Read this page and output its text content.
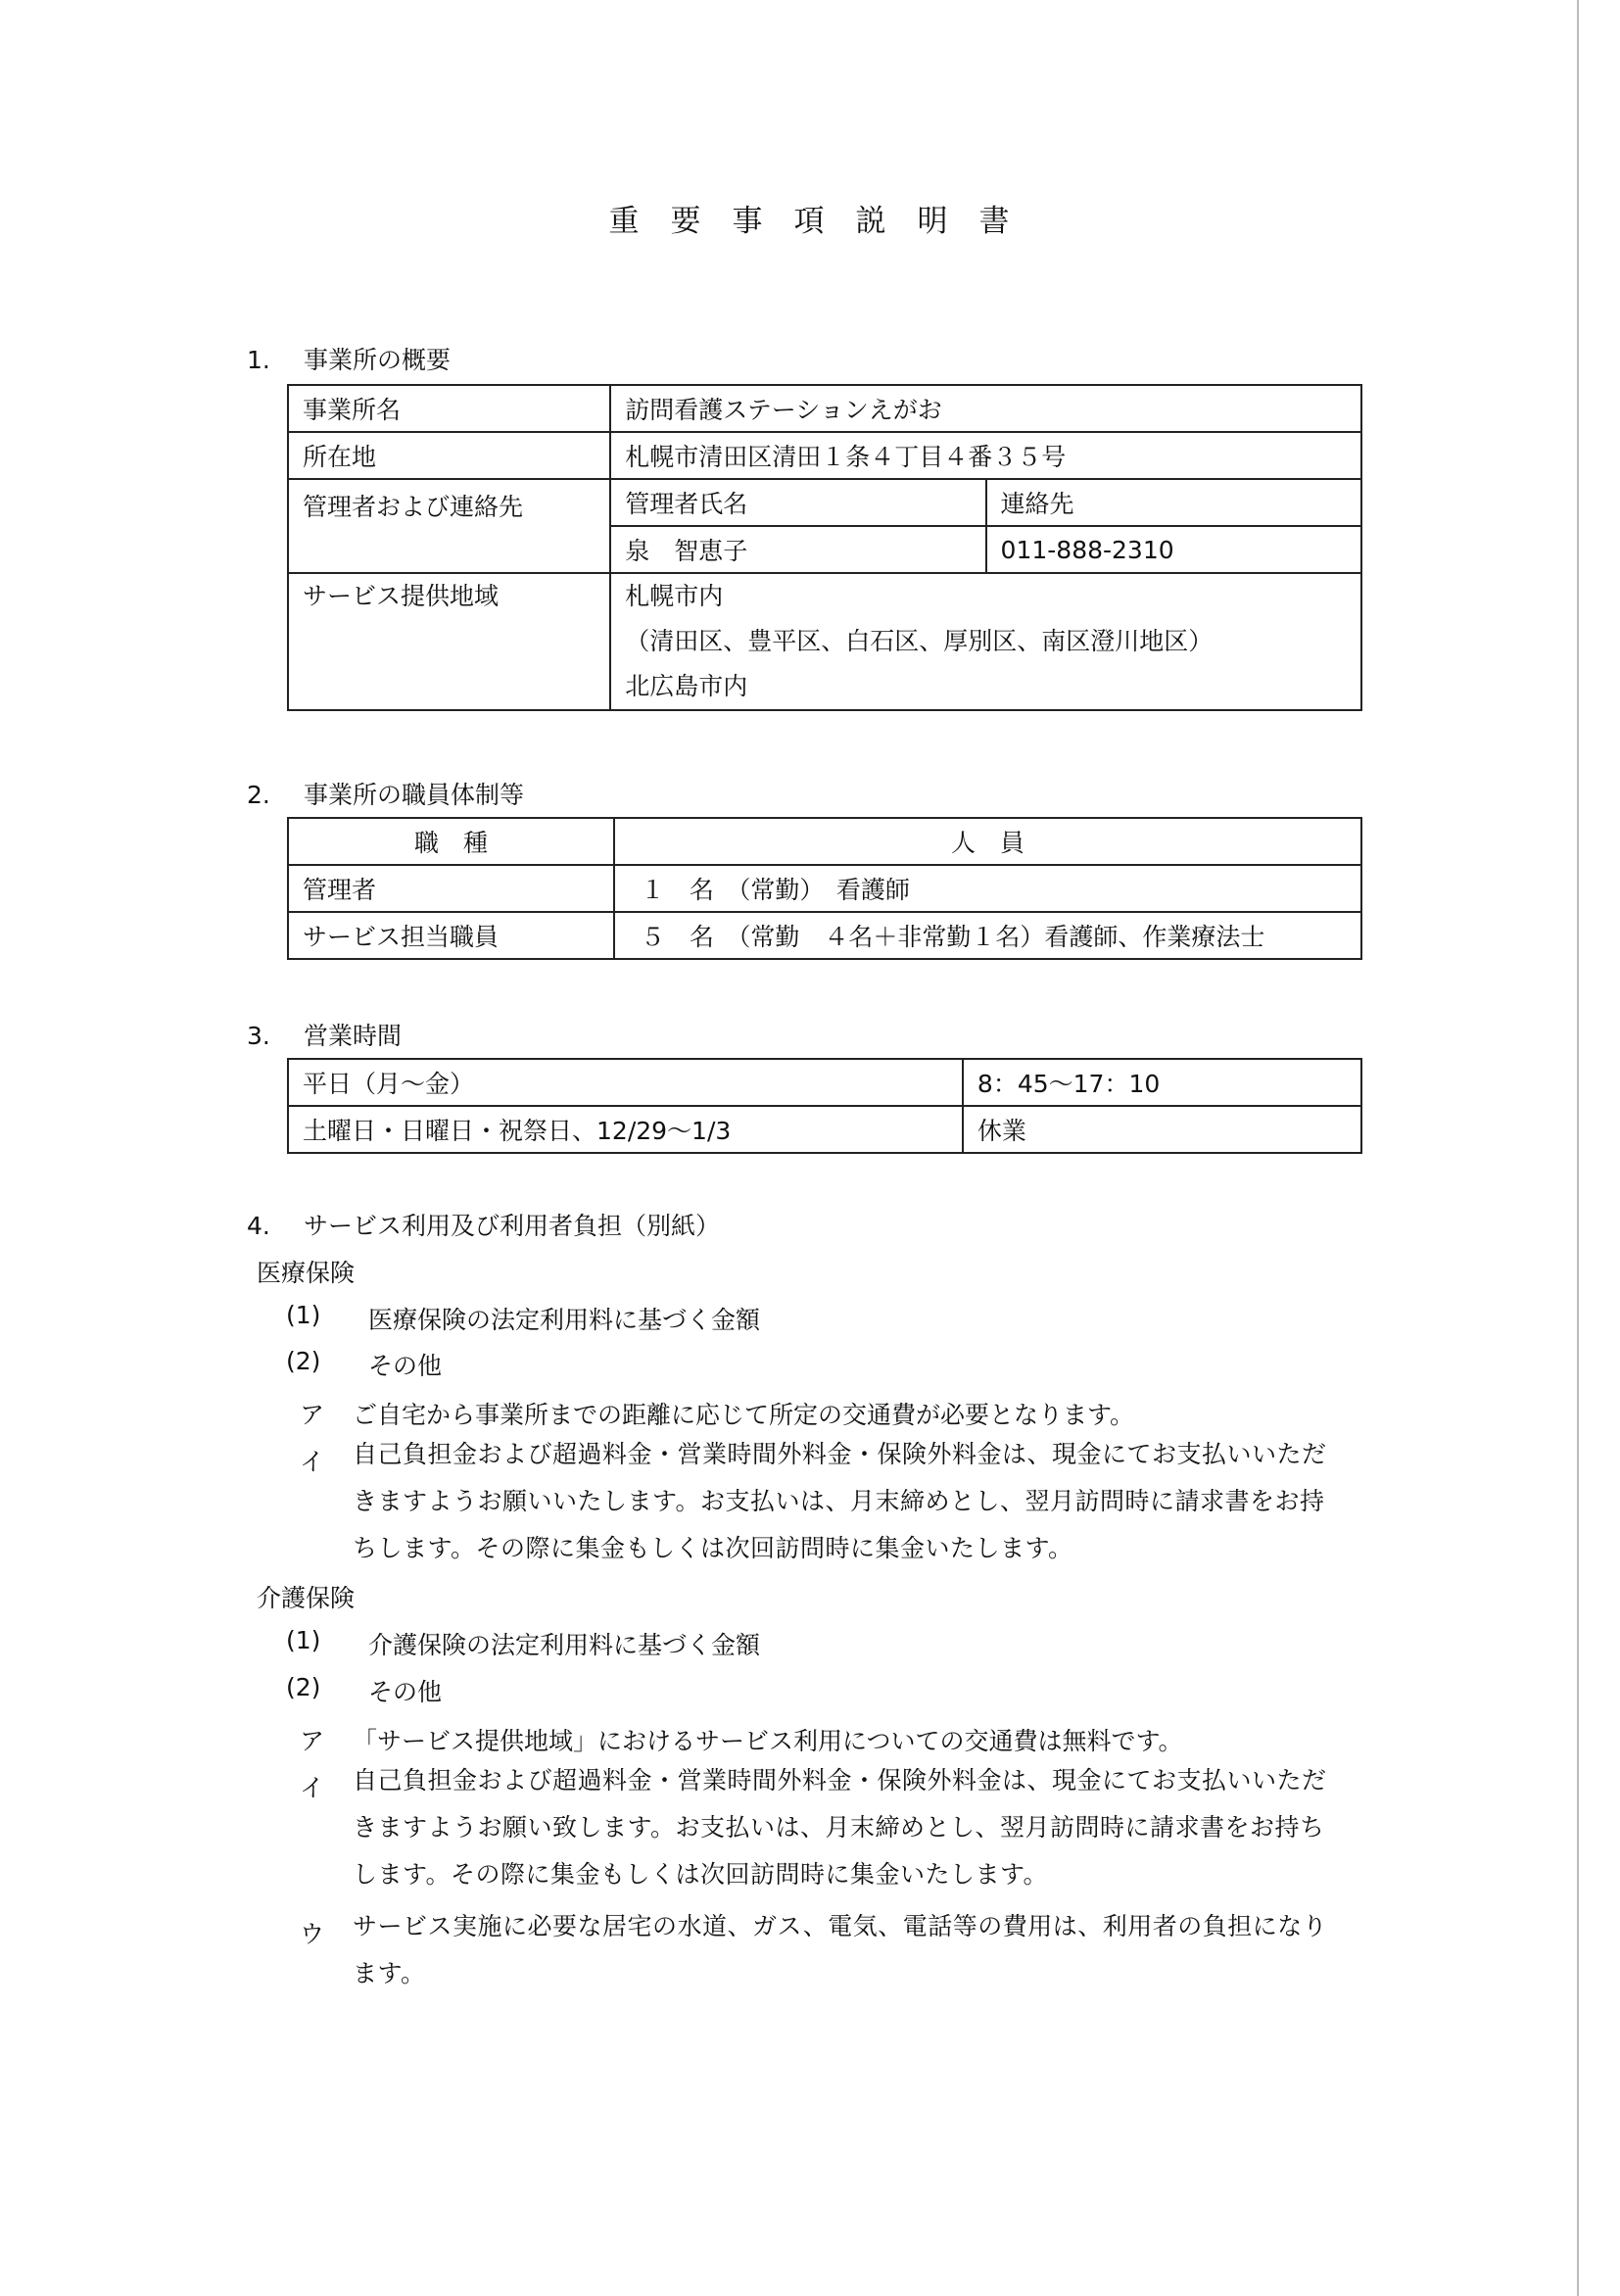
重要事項説明書
1. 事業所の概要
事業所名	訪問看護ステーションえがお	
所在地	札幌市清田区清田１条４丁目４番３５号	
管理者および連絡先	管理者氏名	連絡先
	泉　智恵子	011-888-2310

サービス提供地域	札幌市内
（清田区、豊平区、白石区、厚別区、南区澄川地区）
北広島市内	
2. 事業所の職員体制等
職　種	人　員
管理者	１　名　（常勤）　看護師
サービス担当職員	５　名　（常勤　４名＋非常勤１名）看護師、作業療法士
3. 営業時間
平日（月～金）	8：45～17：10
土曜日・日曜日・祝祭日、12/29～1/3	休業
4. サービス利用及び利用者負担（別紙）
医療保険
(1) 医療保険の法定利用料に基づく金額
(2) その他
ア ご自宅から事業所までの距離に応じて所定の交通費が必要となります。
イ 自己負担金および超過料金・営業時間外料金・保険外料金は、現金にてお支払いいただ
きますようお願いいたします。お支払いは、月末締めとし、翌月訪問時に請求書をお持
ちします。その際に集金もしくは次回訪問時に集金いたします。
介護保険
(1) 介護保険の法定利用料に基づく金額
(2) その他
ア 「サービス提供地域」におけるサービス利用についての交通費は無料です。
イ 自己負担金および超過料金・営業時間外料金・保険外料金は、現金にてお支払いいただ
きますようお願い致します。お支払いは、月末締めとし、翌月訪問時に請求書をお持ち
します。その際に集金もしくは次回訪問時に集金いたします。
ウ サービス実施に必要な居宅の水道、ガス、電気、電話等の費用は、利用者の負担になり
ます。
